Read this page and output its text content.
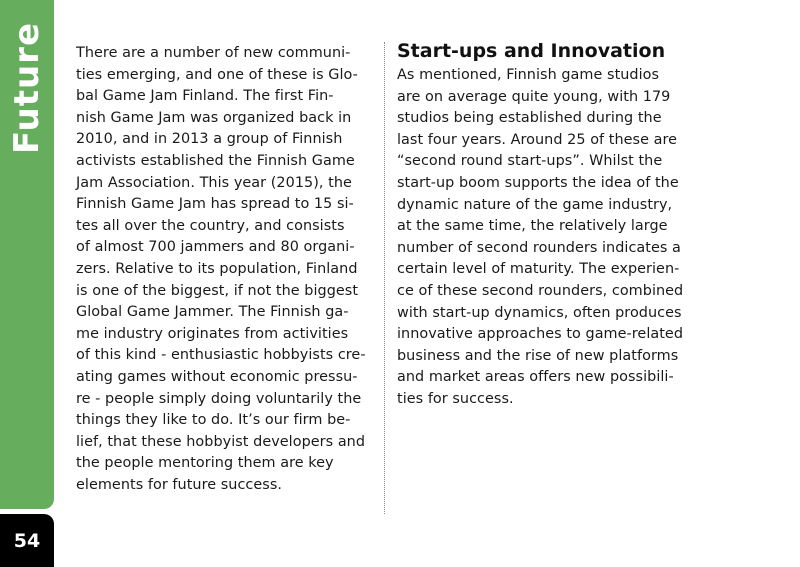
Future
54
There are a number of new communi-
ties emerging, and one of these is Glo-
bal Game Jam Finland. The first Fin-
nish Game Jam was organized back in
2010, and in 2013 a group of Finnish
activists established the Finnish Game
Jam Association. This year (2015), the
Finnish Game Jam has spread to 15 si-
tes all over the country, and consists
of almost 700 jammers and 80 organi-
zers. Relative to its population, Finland
is one of the biggest, if not the biggest
Global Game Jammer. The Finnish ga-
me industry originates from activities
of this kind - enthusiastic hobbyists cre-
ating games without economic pressu-
re - people simply doing voluntarily the
things they like to do. It’s our firm be-
lief, that these hobbyist developers and
the people mentoring them are key
elements for future success.
Start-ups and Innovation
As mentioned, Finnish game studios
are on average quite young, with 179
studios being established during the
last four years. Around 25 of these are
“second round start-ups”. Whilst the
start-up boom supports the idea of the
dynamic nature of the game industry,
at the same time, the relatively large
number of second rounders indicates a
certain level of maturity. The experien-
ce of these second rounders, combined
with start-up dynamics, often produces
innovative approaches to game-related
business and the rise of new platforms
and market areas offers new possibili-
ties for success.
